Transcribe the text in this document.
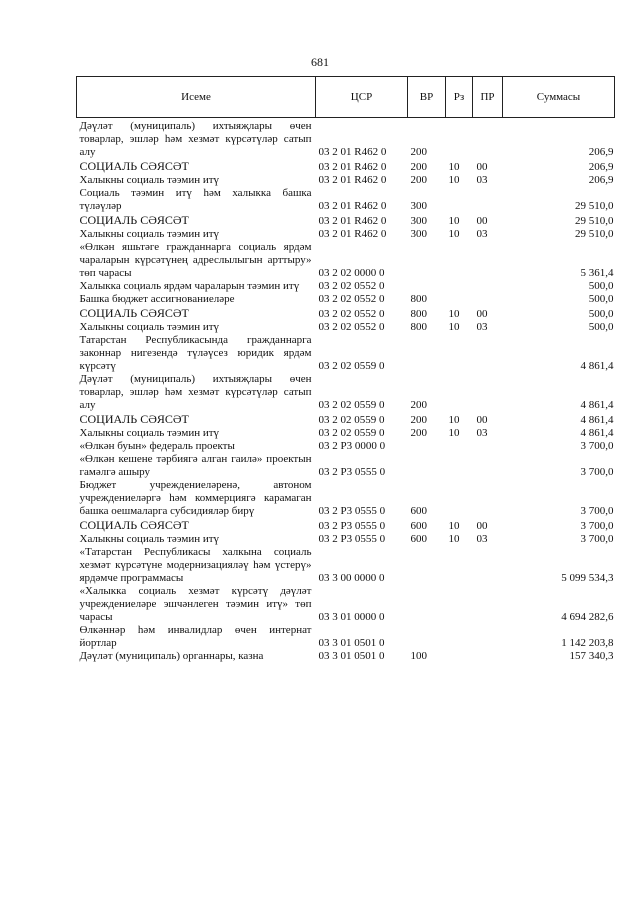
681
Исеме	ЦСР	ВР	Рз	ПР	Суммасы
Дәүләт (муниципаль) ихтыяҗлары өчен товарлар, эшләр һәм хезмәт күрсәтүләр сатып алу	03 2 01 R462 0	200			206,9
СОЦИАЛЬ СӘЯСӘТ	03 2 01 R462 0	200	10	00	206,9
Халыкны социаль тәэмин итү	03 2 01 R462 0	200	10	03	206,9
Социаль тәэмин итү һәм халыкка башка түләүләр	03 2 01 R462 0	300			29 510,0
СОЦИАЛЬ СӘЯСӘТ	03 2 01 R462 0	300	10	00	29 510,0
Халыкны социаль тәэмин итү	03 2 01 R462 0	300	10	03	29 510,0
«Өлкән яшьтәге гражданнарга социаль ярдәм чараларын күрсәтүнең адреслылыгын арттыру» төп чарасы	03 2 02 0000 0				5 361,4
Халыкка социаль ярдәм чараларын тәэмин итү	03 2 02 0552 0				500,0
Башка бюджет ассигнованиеләре	03 2 02 0552 0	800			500,0
СОЦИАЛЬ СӘЯСӘТ	03 2 02 0552 0	800	10	00	500,0
Халыкны социаль тәэмин итү	03 2 02 0552 0	800	10	03	500,0
Татарстан Республикасында гражданнарга законнар нигезендә түләүсез юридик ярдәм күрсәтү	03 2 02 0559 0				4 861,4
Дәүләт (муниципаль) ихтыяҗлары өчен товарлар, эшләр һәм хезмәт күрсәтүләр сатып алу	03 2 02 0559 0	200			4 861,4
СОЦИАЛЬ СӘЯСӘТ	03 2 02 0559 0	200	10	00	4 861,4
Халыкны социаль тәэмин итү	03 2 02 0559 0	200	10	03	4 861,4
«Өлкән буын» федераль проекты	03 2 P3 0000 0				3 700,0
«Өлкән кешене тәрбиягә алган гаилә» проектын гамәлгә ашыру	03 2 P3 0555 0				3 700,0
Бюджет учреждениеләренә, автоном учреждениеләргә һәм коммерциягә карамаган башка оешмаларга субсидияләр бирү	03 2 P3 0555 0	600			3 700,0
СОЦИАЛЬ СӘЯСӘТ	03 2 P3 0555 0	600	10	00	3 700,0
Халыкны социаль тәэмин итү	03 2 P3 0555 0	600	10	03	3 700,0
«Татарстан Республикасы халкына социаль хезмәт күрсәтүне модернизацияләү һәм үстерү» ярдәмче программасы	03 3 00 0000 0				5 099 534,3
«Халыкка социаль хезмәт күрсәтү дәүләт учреждениеләре эшчәнлеген тәэмин итү» төп чарасы	03 3 01 0000 0				4 694 282,6
Өлкәннәр һәм инвалидлар өчен интернат йортлар	03 3 01 0501 0				1 142 203,8
Дәүләт (муниципаль) органнары, казна	03 3 01 0501 0	100			157 340,3
